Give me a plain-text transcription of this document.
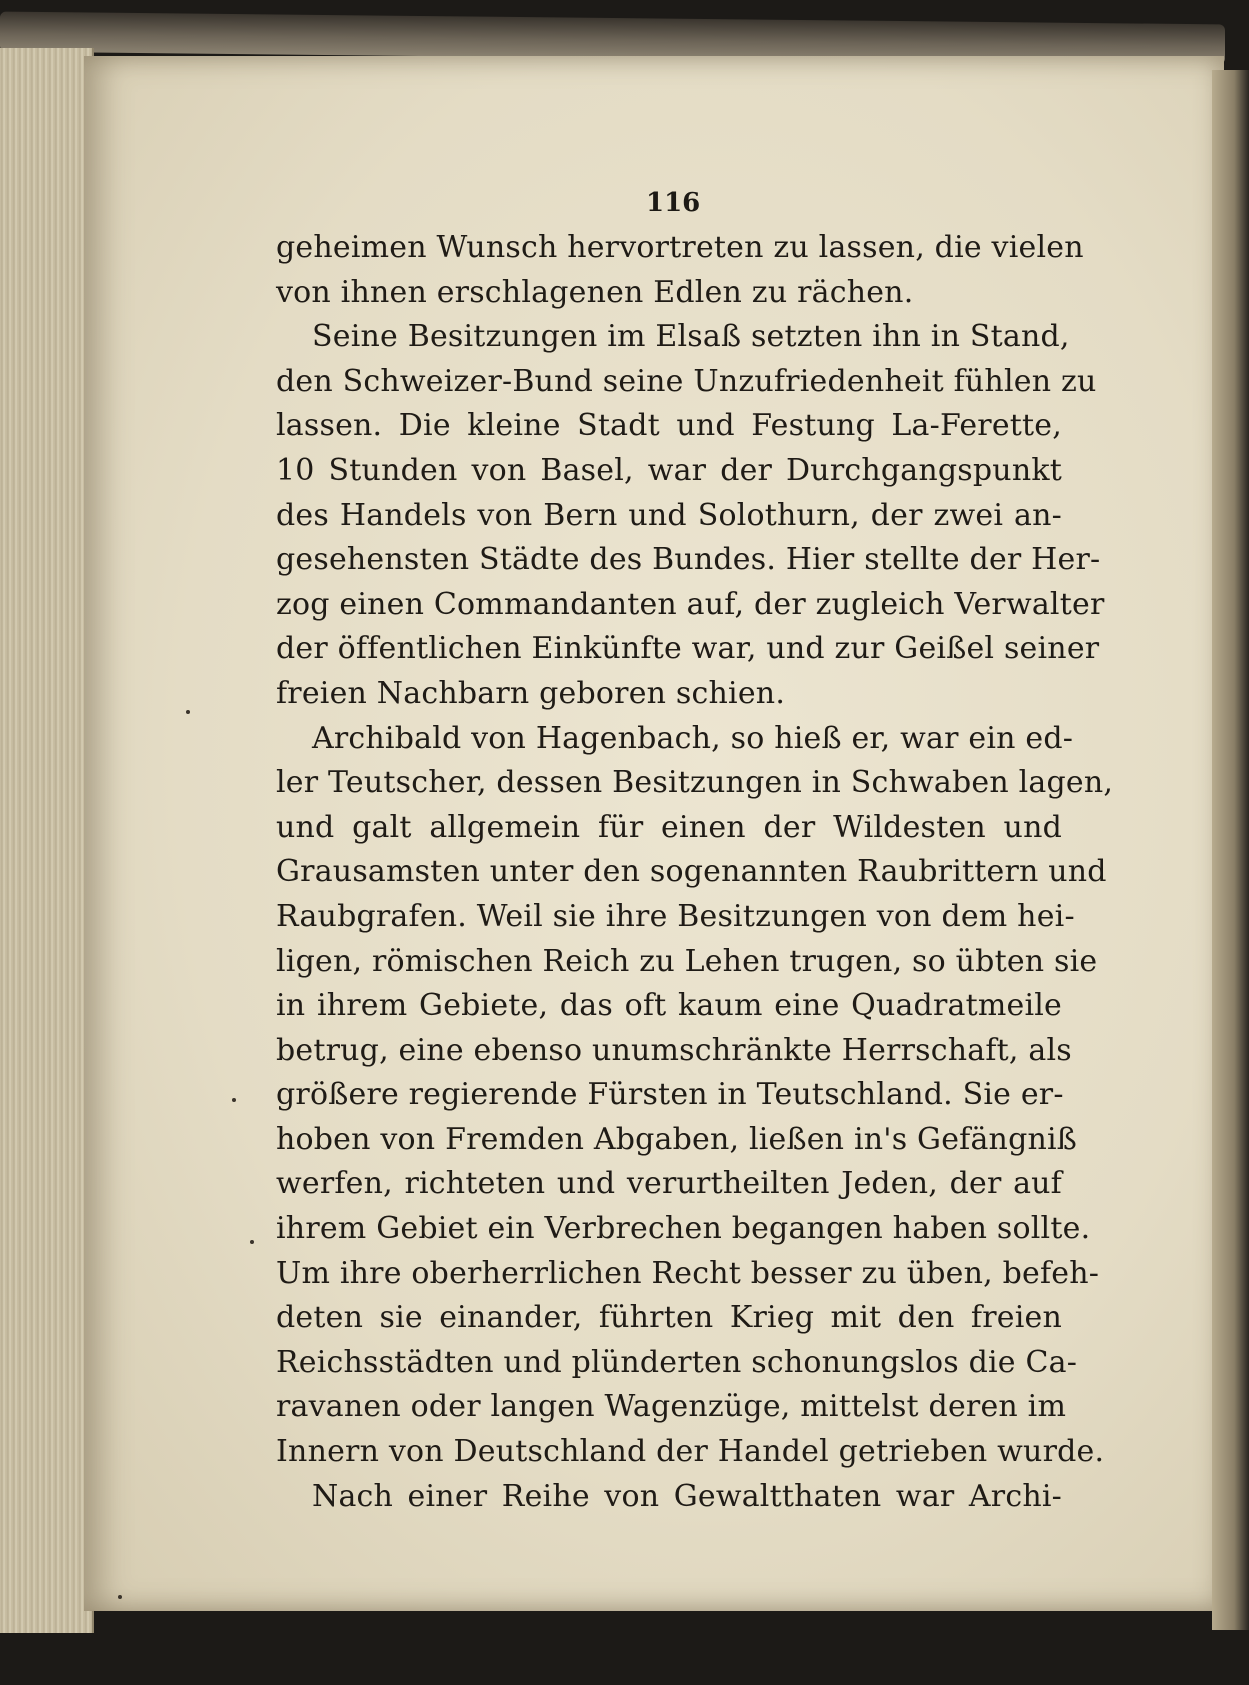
116
geheimen Wunsch hervortreten zu lassen, die vielen
von ihnen erschlagenen Edlen zu rächen.
Seine Besitzungen im Elsaß setzten ihn in Stand,
den Schweizer-Bund seine Unzufriedenheit fühlen zu
lassen. Die kleine Stadt und Festung La-Ferette,
10 Stunden von Basel, war der Durchgangspunkt
des Handels von Bern und Solothurn, der zwei an-
gesehensten Städte des Bundes. Hier stellte der Her-
zog einen Commandanten auf, der zugleich Verwalter
der öffentlichen Einkünfte war, und zur Geißel seiner
freien Nachbarn geboren schien.
Archibald von Hagenbach, so hieß er, war ein ed-
ler Teutscher, dessen Besitzungen in Schwaben lagen,
und galt allgemein für einen der Wildesten und
Grausamsten unter den sogenannten Raubrittern und
Raubgrafen. Weil sie ihre Besitzungen von dem hei-
ligen, römischen Reich zu Lehen trugen, so übten sie
in ihrem Gebiete, das oft kaum eine Quadratmeile
betrug, eine ebenso unumschränkte Herrschaft, als
größere regierende Fürsten in Teutschland. Sie er-
hoben von Fremden Abgaben, ließen in's Gefängniß
werfen, richteten und verurtheilten Jeden, der auf
ihrem Gebiet ein Verbrechen begangen haben sollte.
Um ihre oberherrlichen Recht besser zu üben, befeh-
deten sie einander, führten Krieg mit den freien
Reichsstädten und plünderten schonungslos die Ca-
ravanen oder langen Wagenzüge, mittelst deren im
Innern von Deutschland der Handel getrieben wurde.
Nach einer Reihe von Gewaltthaten war Archi-
